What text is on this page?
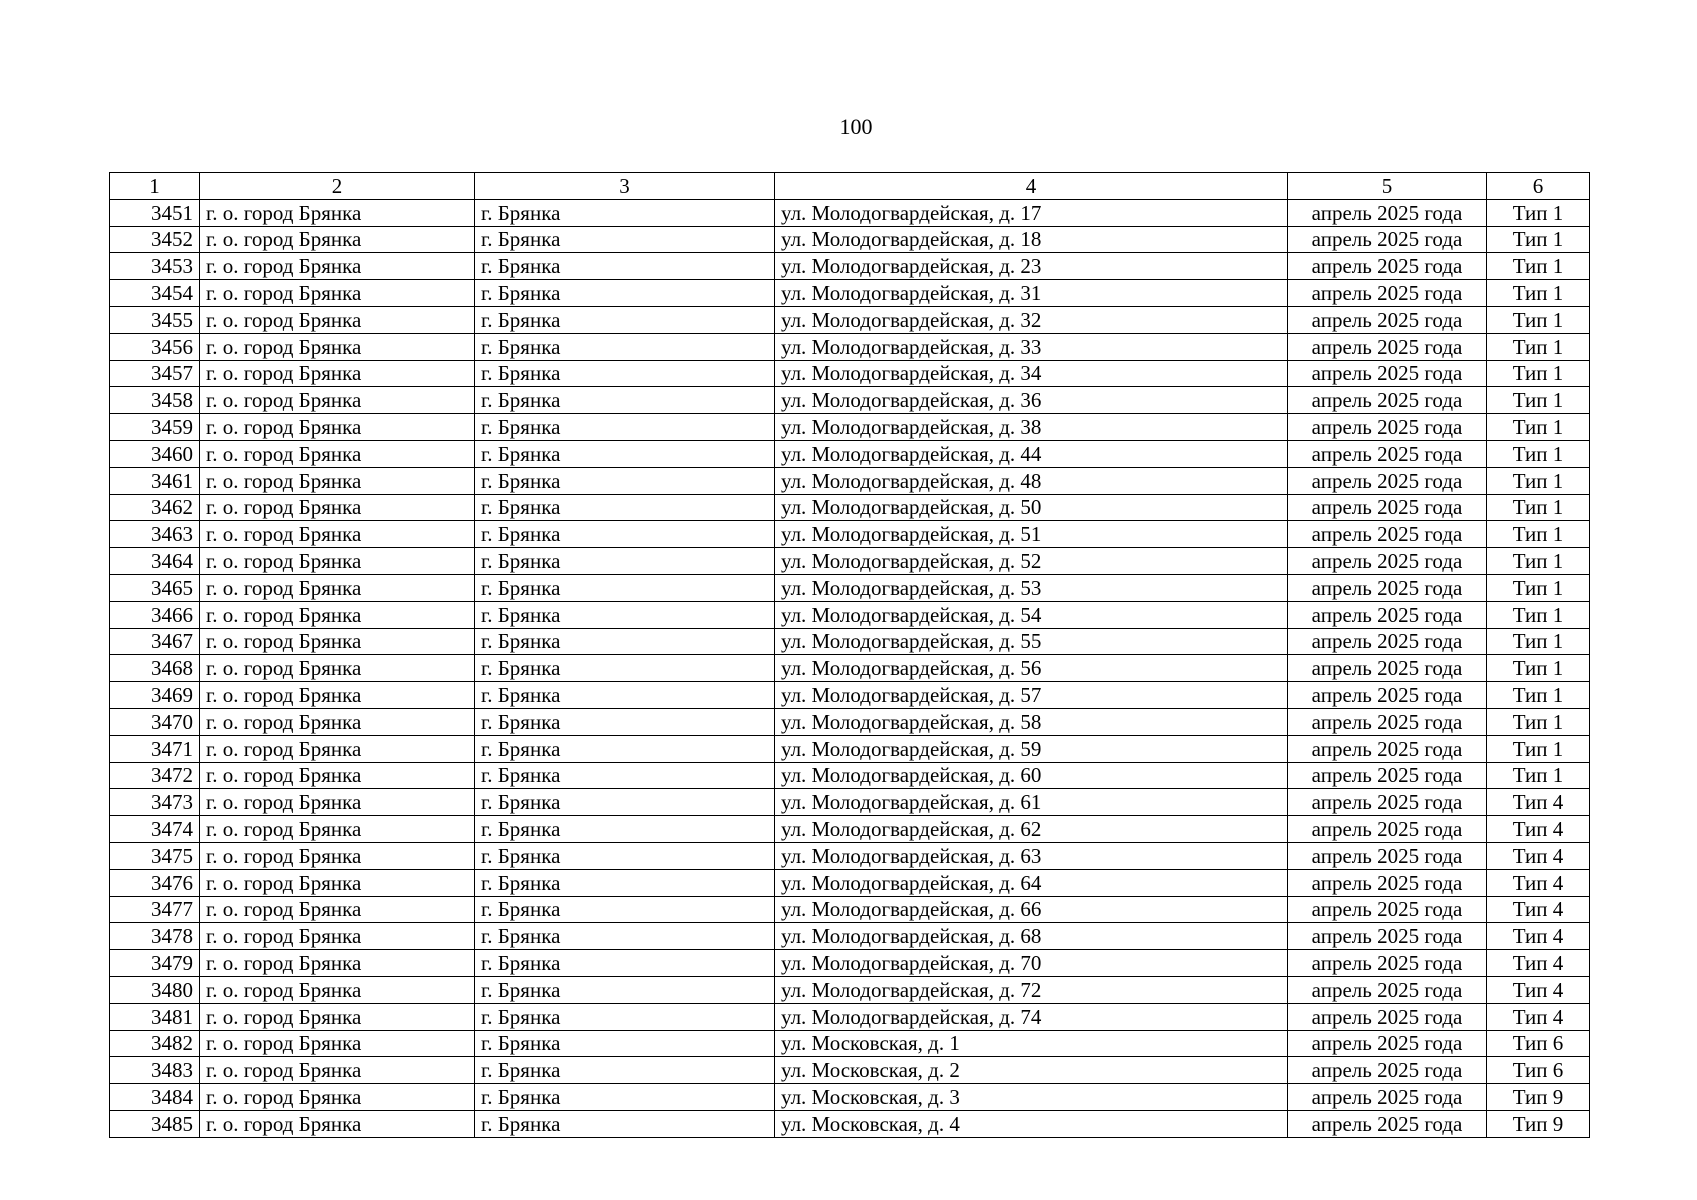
100
1	2	3	4	5	6
3451	г. о. город Брянка	г. Брянка	ул. Молодогвардейская, д. 17	апрель 2025 года	Тип 1
3452	г. о. город Брянка	г. Брянка	ул. Молодогвардейская, д. 18	апрель 2025 года	Тип 1
3453	г. о. город Брянка	г. Брянка	ул. Молодогвардейская, д. 23	апрель 2025 года	Тип 1
3454	г. о. город Брянка	г. Брянка	ул. Молодогвардейская, д. 31	апрель 2025 года	Тип 1
3455	г. о. город Брянка	г. Брянка	ул. Молодогвардейская, д. 32	апрель 2025 года	Тип 1
3456	г. о. город Брянка	г. Брянка	ул. Молодогвардейская, д. 33	апрель 2025 года	Тип 1
3457	г. о. город Брянка	г. Брянка	ул. Молодогвардейская, д. 34	апрель 2025 года	Тип 1
3458	г. о. город Брянка	г. Брянка	ул. Молодогвардейская, д. 36	апрель 2025 года	Тип 1
3459	г. о. город Брянка	г. Брянка	ул. Молодогвардейская, д. 38	апрель 2025 года	Тип 1
3460	г. о. город Брянка	г. Брянка	ул. Молодогвардейская, д. 44	апрель 2025 года	Тип 1
3461	г. о. город Брянка	г. Брянка	ул. Молодогвардейская, д. 48	апрель 2025 года	Тип 1
3462	г. о. город Брянка	г. Брянка	ул. Молодогвардейская, д. 50	апрель 2025 года	Тип 1
3463	г. о. город Брянка	г. Брянка	ул. Молодогвардейская, д. 51	апрель 2025 года	Тип 1
3464	г. о. город Брянка	г. Брянка	ул. Молодогвардейская, д. 52	апрель 2025 года	Тип 1
3465	г. о. город Брянка	г. Брянка	ул. Молодогвардейская, д. 53	апрель 2025 года	Тип 1
3466	г. о. город Брянка	г. Брянка	ул. Молодогвардейская, д. 54	апрель 2025 года	Тип 1
3467	г. о. город Брянка	г. Брянка	ул. Молодогвардейская, д. 55	апрель 2025 года	Тип 1
3468	г. о. город Брянка	г. Брянка	ул. Молодогвардейская, д. 56	апрель 2025 года	Тип 1
3469	г. о. город Брянка	г. Брянка	ул. Молодогвардейская, д. 57	апрель 2025 года	Тип 1
3470	г. о. город Брянка	г. Брянка	ул. Молодогвардейская, д. 58	апрель 2025 года	Тип 1
3471	г. о. город Брянка	г. Брянка	ул. Молодогвардейская, д. 59	апрель 2025 года	Тип 1
3472	г. о. город Брянка	г. Брянка	ул. Молодогвардейская, д. 60	апрель 2025 года	Тип 1
3473	г. о. город Брянка	г. Брянка	ул. Молодогвардейская, д. 61	апрель 2025 года	Тип 4
3474	г. о. город Брянка	г. Брянка	ул. Молодогвардейская, д. 62	апрель 2025 года	Тип 4
3475	г. о. город Брянка	г. Брянка	ул. Молодогвардейская, д. 63	апрель 2025 года	Тип 4
3476	г. о. город Брянка	г. Брянка	ул. Молодогвардейская, д. 64	апрель 2025 года	Тип 4
3477	г. о. город Брянка	г. Брянка	ул. Молодогвардейская, д. 66	апрель 2025 года	Тип 4
3478	г. о. город Брянка	г. Брянка	ул. Молодогвардейская, д. 68	апрель 2025 года	Тип 4
3479	г. о. город Брянка	г. Брянка	ул. Молодогвардейская, д. 70	апрель 2025 года	Тип 4
3480	г. о. город Брянка	г. Брянка	ул. Молодогвардейская, д. 72	апрель 2025 года	Тип 4
3481	г. о. город Брянка	г. Брянка	ул. Молодогвардейская, д. 74	апрель 2025 года	Тип 4
3482	г. о. город Брянка	г. Брянка	ул. Московская, д. 1	апрель 2025 года	Тип 6
3483	г. о. город Брянка	г. Брянка	ул. Московская, д. 2	апрель 2025 года	Тип 6
3484	г. о. город Брянка	г. Брянка	ул. Московская, д. 3	апрель 2025 года	Тип 9
3485	г. о. город Брянка	г. Брянка	ул. Московская, д. 4	апрель 2025 года	Тип 9
